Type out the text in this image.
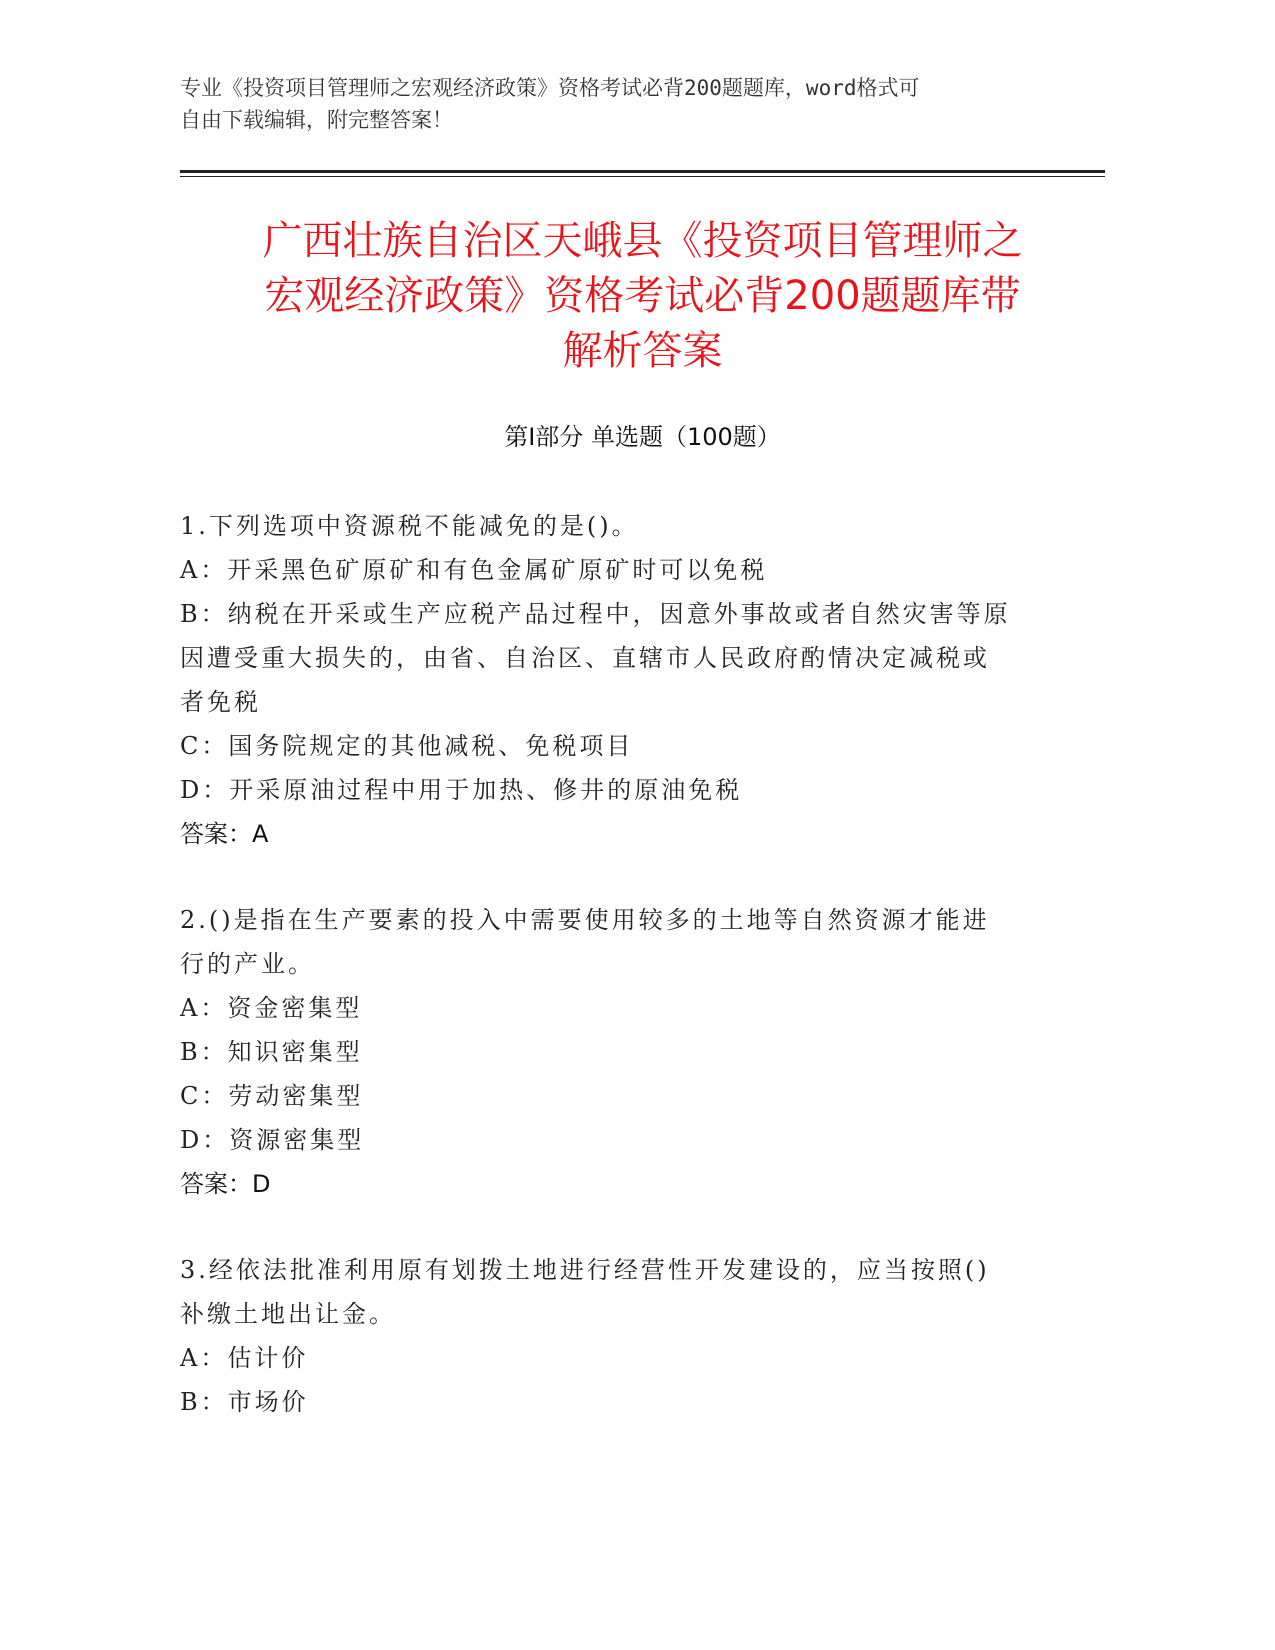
专业《投资项目管理师之宏观经济政策》资格考试必背200题题库，word格式可
自由下载编辑，附完整答案！
广西壮族自治区天峨县《投资项目管理师之
宏观经济政策》资格考试必背200题题库带
解析答案
第Ⅰ部分 单选题（100题）
1.下列选项中资源税不能减免的是()。
A：开采黑色矿原矿和有色金属矿原矿时可以免税
B：纳税在开采或生产应税产品过程中，因意外事故或者自然灾害等原
因遭受重大损失的，由省、自治区、直辖市人民政府酌情决定减税或
者免税
C：国务院规定的其他减税、免税项目
D：开采原油过程中用于加热、修井的原油免税
答案：A
2.()是指在生产要素的投入中需要使用较多的土地等自然资源才能进
行的产业。
A：资金密集型
B：知识密集型
C：劳动密集型
D：资源密集型
答案：D
3.经依法批准利用原有划拨土地进行经营性开发建设的，应当按照()
补缴土地出让金。
A：估计价
B：市场价
